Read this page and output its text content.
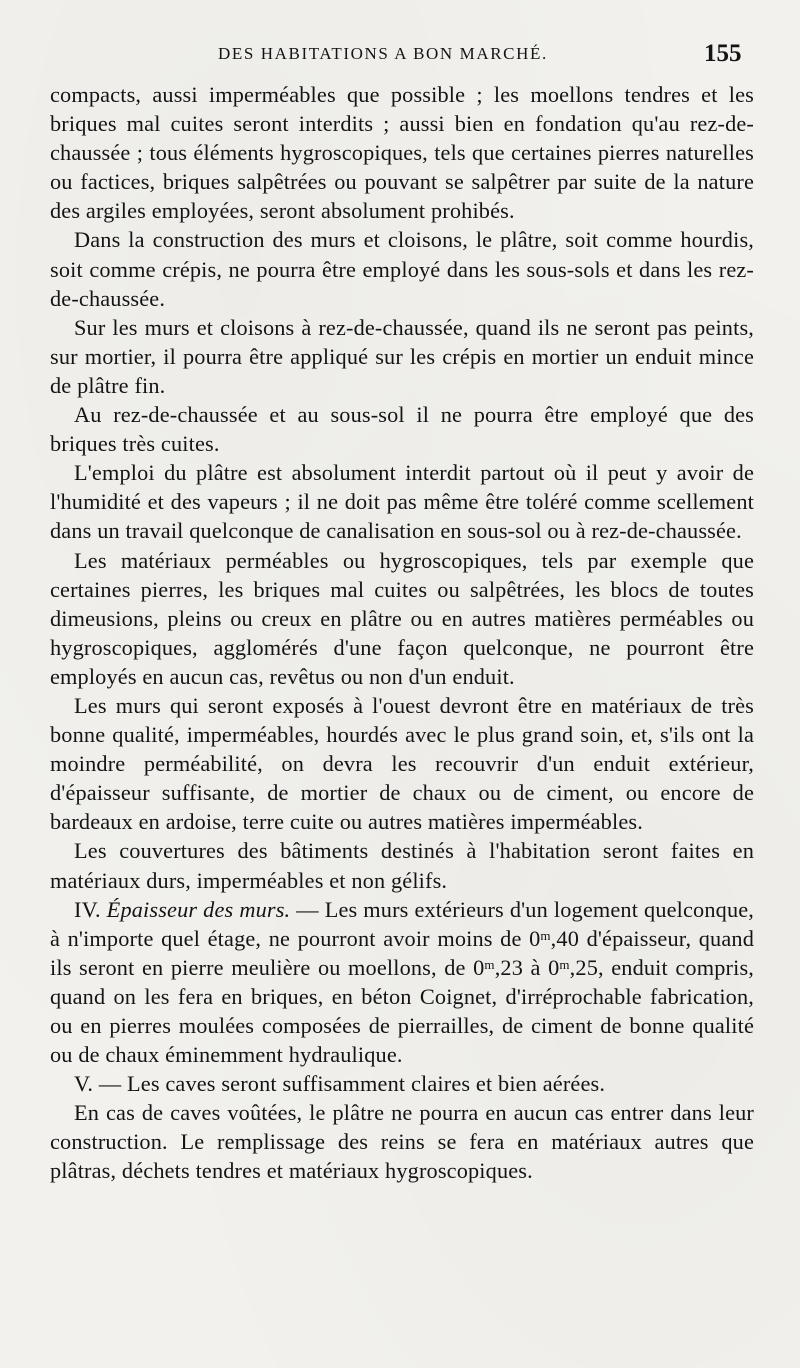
DES HABITATIONS A BON MARCHÉ.	155

compacts, aussi imperméables que possible ; les moellons tendres et les briques mal cuites seront interdits ; aussi bien en fondation qu'au rez-de-chaussée ; tous éléments hygroscopiques, tels que certaines pierres naturelles ou factices, briques salpêtrées ou pouvant se salpêtrer par suite de la nature des argiles employées, seront absolument prohibés.

Dans la construction des murs et cloisons, le plâtre, soit comme hourdis, soit comme crépis, ne pourra être employé dans les sous-sols et dans les rez-de-chaussée.

Sur les murs et cloisons à rez-de-chaussée, quand ils ne seront pas peints, sur mortier, il pourra être appliqué sur les crépis en mortier un enduit mince de plâtre fin.

Au rez-de-chaussée et au sous-sol il ne pourra être employé que des briques très cuites.

L'emploi du plâtre est absolument interdit partout où il peut y avoir de l'humidité et des vapeurs ; il ne doit pas même être toléré comme scellement dans un travail quelconque de canalisation en sous-sol ou à rez-de-chaussée.

Les matériaux perméables ou hygroscopiques, tels par exemple que certaines pierres, les briques mal cuites ou salpêtrées, les blocs de toutes dimeusions, pleins ou creux en plâtre ou en autres matières perméables ou hygroscopiques, agglomérés d'une façon quelconque, ne pourront être employés en aucun cas, revêtus ou non d'un enduit.

Les murs qui seront exposés à l'ouest devront être en matériaux de très bonne qualité, imperméables, hourdés avec le plus grand soin, et, s'ils ont la moindre perméabilité, on devra les recouvrir d'un enduit extérieur, d'épaisseur suffisante, de mortier de chaux ou de ciment, ou encore de bardeaux en ardoise, terre cuite ou autres matières imperméables.

Les couvertures des bâtiments destinés à l'habitation seront faites en matériaux durs, imperméables et non gélifs.

IV. Épaisseur des murs. — Les murs extérieurs d'un logement quelconque, à n'importe quel étage, ne pourront avoir moins de 0$^m$,40 d'épaisseur, quand ils seront en pierre meulière ou moellons, de 0$^m$,23 à 0$^m$,25, enduit compris, quand on les fera en briques, en béton Coignet, d'irréprochable fabrication, ou en pierres moulées composées de pierrailles, de ciment de bonne qualité ou de chaux éminemment hydraulique.

V. — Les caves seront suffisamment claires et bien aérées.

En cas de caves voûtées, le plâtre ne pourra en aucun cas entrer dans leur construction. Le remplissage des reins se fera en matériaux autres que plâtras, déchets tendres et matériaux hygroscopiques.
